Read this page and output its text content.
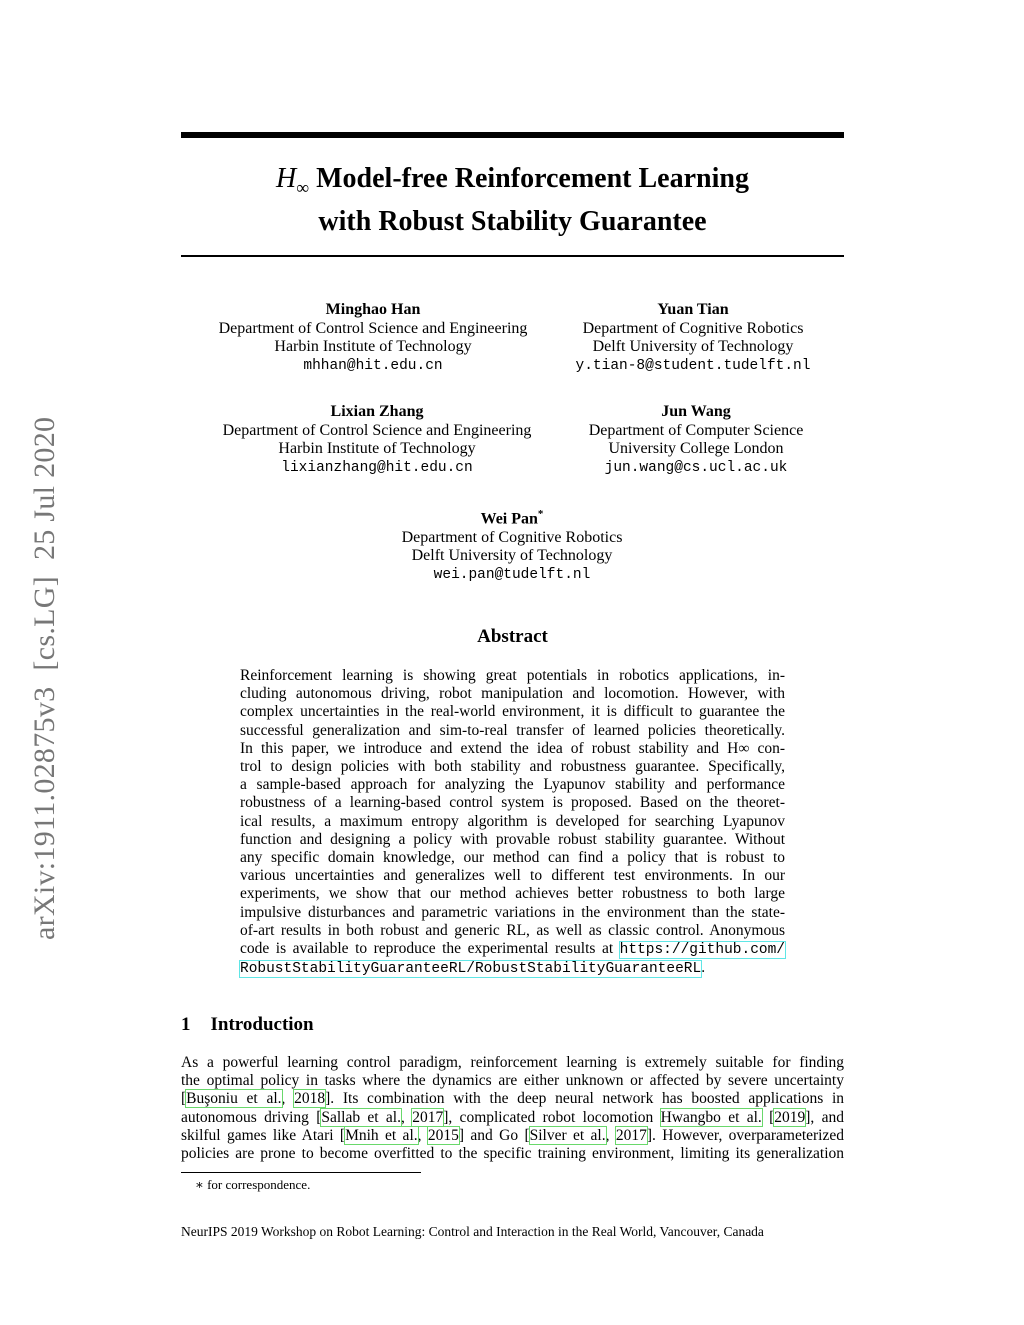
arXiv:1911.02875v3[cs.LG]25 Jul 2020
$H_\infty$ Model-free Reinforcement Learning
with Robust Stability Guarantee
Minghao Han
Department of Control Science and Engineering
Harbin Institute of Technology
mhhan@hit.edu.cn
Yuan Tian
Department of Cognitive Robotics
Delft University of Technology
y.tian-8@student.tudelft.nl
Lixian Zhang
Department of Control Science and Engineering
Harbin Institute of Technology
lixianzhang@hit.edu.cn
Jun Wang
Department of Computer Science
University College London
jun.wang@cs.ucl.ac.uk
Wei Pan*
Department of Cognitive Robotics
Delft University of Technology
wei.pan@tudelft.nl
Abstract
Reinforcement learning is showing great potentials in robotics applications, in-
cluding autonomous driving, robot manipulation and locomotion. However, with
complex uncertainties in the real-world environment, it is difficult to guarantee the
successful generalization and sim-to-real transfer of learned policies theoretically.
In this paper, we introduce and extend the idea of robust stability and H∞ con-
trol to design policies with both stability and robustness guarantee. Specifically,
a sample-based approach for analyzing the Lyapunov stability and performance
robustness of a learning-based control system is proposed. Based on the theoret-
ical results, a maximum entropy algorithm is developed for searching Lyapunov
function and designing a policy with provable robust stability guarantee. Without
any specific domain knowledge, our method can find a policy that is robust to
various uncertainties and generalizes well to different test environments. In our
experiments, we show that our method achieves better robustness to both large
impulsive disturbances and parametric variations in the environment than the state-
of-art results in both robust and generic RL, as well as classic control. Anonymous
code is available to reproduce the experimental results at https://github.com/
RobustStabilityGuaranteeRL/RobustStabilityGuaranteeRL.
1 Introduction
As a powerful learning control paradigm, reinforcement learning is extremely suitable for finding
the optimal policy in tasks where the dynamics are either unknown or affected by severe uncertainty
[Buşoniu et al., 2018]. Its combination with the deep neural network has boosted applications in
autonomous driving [Sallab et al., 2017], complicated robot locomotion Hwangbo et al. [2019], and
skilful games like Atari [Mnih et al., 2015] and Go [Silver et al., 2017]. However, overparameterized
policies are prone to become overfitted to the specific training environment, limiting its generalization
∗ for correspondence.
NeurIPS 2019 Workshop on Robot Learning: Control and Interaction in the Real World, Vancouver, Canada
